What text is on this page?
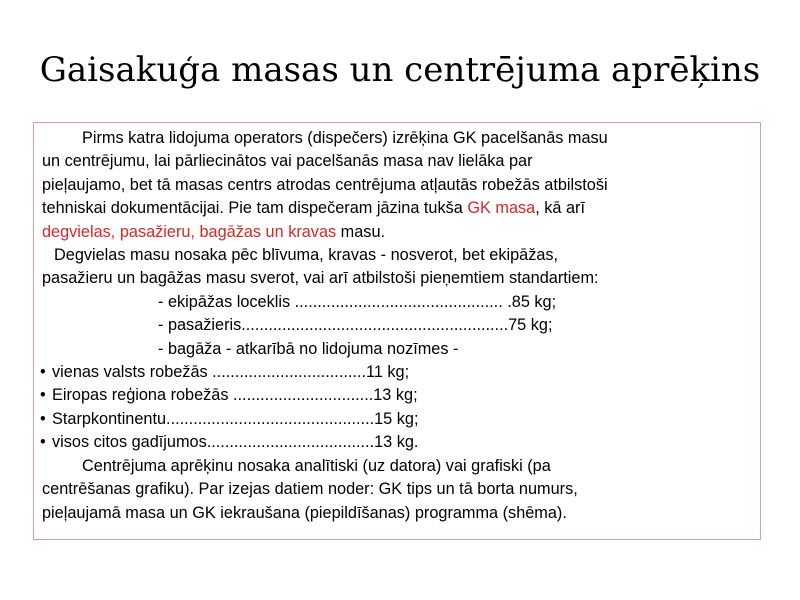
Gaisakuģa masas un centrējuma aprēķins
Pirms katra lidojuma operators (dispečers) izrēķina GK pacelšanās masu
un centrējumu, lai pārliecinātos vai pacelšanās masa nav lielāka par
pieļaujamo, bet tā masas centrs atrodas centrējuma atļautās robežās atbilstoši
tehniskai dokumentācijai. Pie tam dispečeram jāzina tukša GK masa, kā arī
degvielas, pasažieru, bagāžas un kravas masu.
Degvielas masu nosaka pēc blīvuma, kravas - nosverot, bet ekipāžas,
pasažieru un bagāžas masu sverot, vai arī atbilstoši pieņemtiem standartiem:
- ekipāžas loceklis .............................................. .85 kg;
- pasažieris...........................................................75 kg;
- bagāža - atkarībā no lidojuma nozīmes -
• vienas valsts robežās ..................................11 kg;
• Eiropas reģiona robežās ...............................13 kg;
• Starpkontinentu..............................................15 kg;
• visos citos gadījumos.....................................13 kg.
Centrējuma aprēķinu nosaka analītiski (uz datora) vai grafiski (pa
centrēšanas grafiku). Par izejas datiem noder: GK tips un tā borta numurs,
pieļaujamā masa un GK iekraušana (piepildīšanas) programma (shēma).
